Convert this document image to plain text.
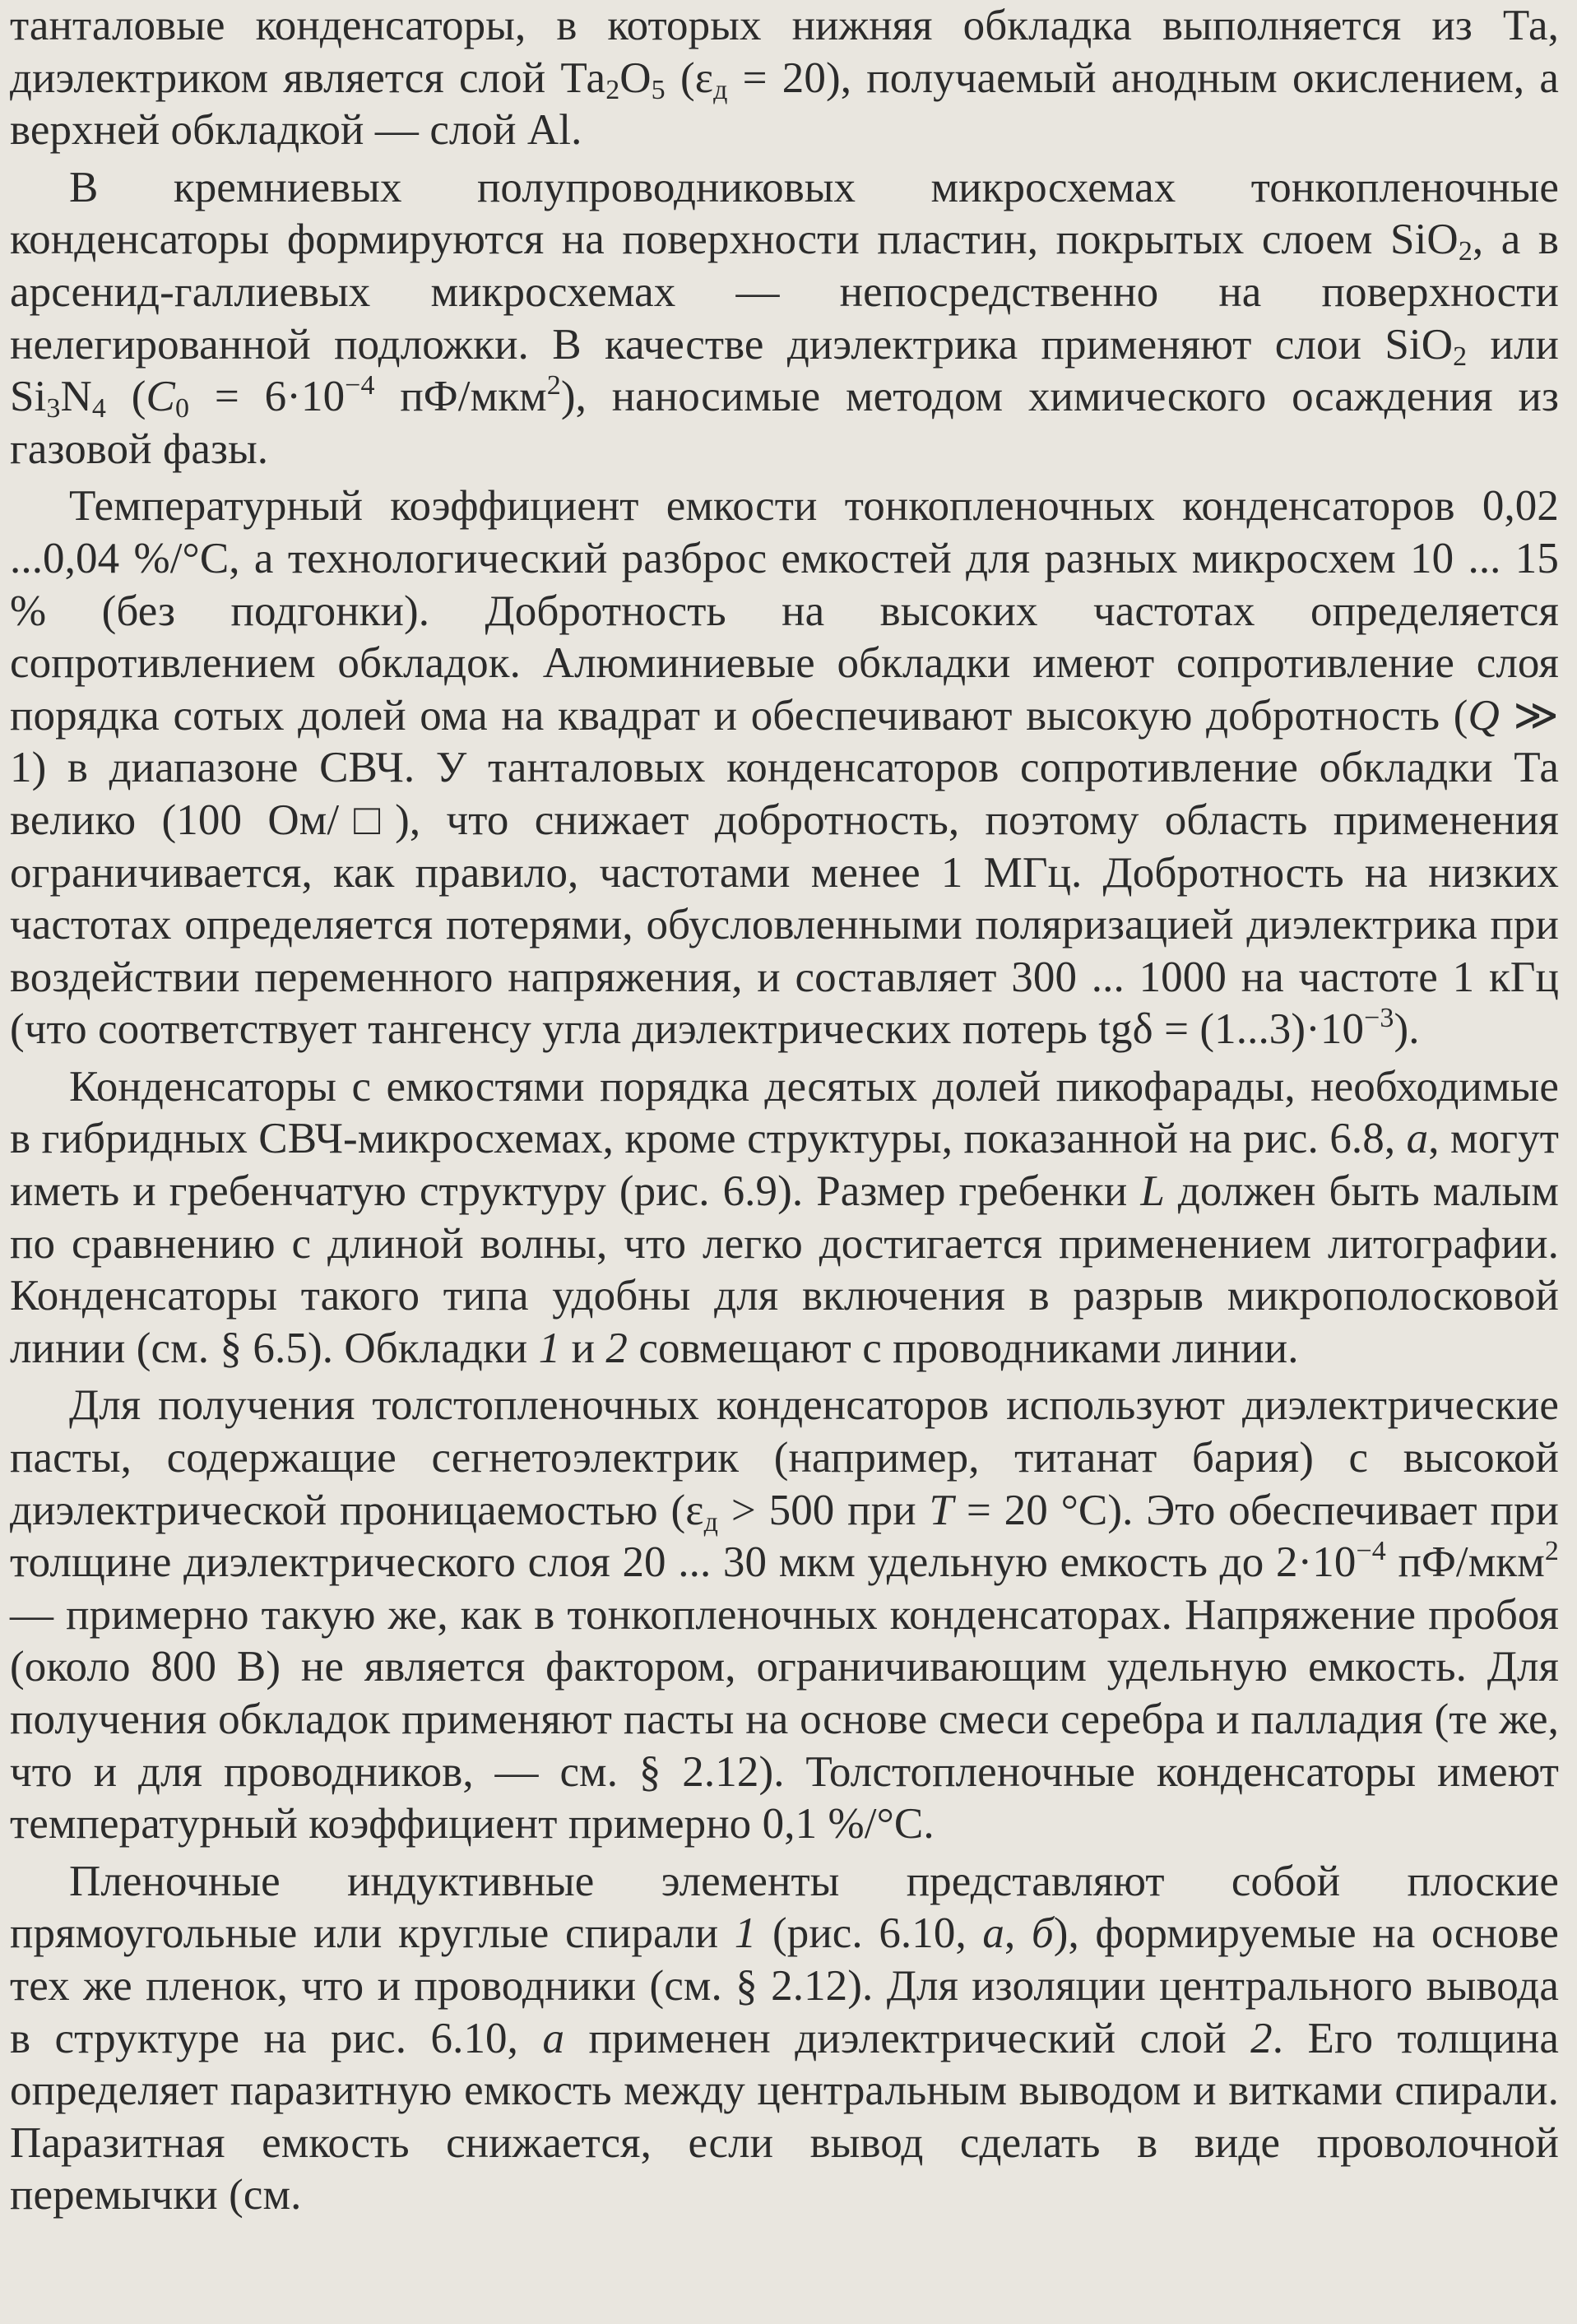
танталовые конденсаторы, в которых нижняя обкладка выполняется из Та, диэлектриком является слой $Та_2O_5$ $(\varepsilon_д = 20)$, получаемый анодным окислением, а верхней обкладкой — слой Al.

В кремниевых полупроводниковых микросхемах тонкопленочные конденсаторы формируются на поверхности пластин, покрытых слоем SiO$_2$, а в арсенид-галлиевых микросхемах — непосредственно на поверхности нелегированной подложки. В качестве диэлектрика применяют слои SiO$_2$ или $Si_3N_4$ ($C_0 = 6\cdot 10^{-4}$ пФ/мкм$^2$), наносимые методом химического осаждения из газовой фазы.

Температурный коэффициент емкости тонкопленочных конденсаторов 0,02 ...0,04 %/°С, а технологический разброс емкостей для разных микросхем 10 ... 15 % (без подгонки). Добротность на высоких частотах определяется сопротивлением обкладок. Алюминиевые обкладки имеют сопротивление слоя порядка сотых долей ома на квадрат и обеспечивают высокую добротность (Q ≫ 1) в диапазоне СВЧ. У танталовых конденсаторов сопротивление обкладки Та велико (100 Ом/□), что снижает добротность, поэтому область применения ограничивается, как правило, частотами менее 1 МГц. Добротность на низких частотах определяется потерями, обусловленными поляризацией диэлектрика при воздействии переменного напряжения, и составляет 300 ... 1000 на частоте 1 кГц (что соответствует тангенсу угла диэлектрических потерь $tg\delta = (1...3)\cdot 10^{-3}$).

Конденсаторы с емкостями порядка десятых долей пикофарады, необходимые в гибридных СВЧ-микросхемах, кроме структуры, показанной на рис. 6.8, а, могут иметь и гребенчатую структуру (рис. 6.9). Размер гребенки L должен быть малым по сравнению с длиной волны, что легко достигается применением литографии. Конденсаторы такого типа удобны для включения в разрыв микрополосковой линии (см. § 6.5). Обкладки 1 и 2 совмещают с проводниками линии.

Для получения толстопленочных конденсаторов используют диэлектрические пасты, содержащие сегнетоэлектрик (например, титанат бария) с высокой диэлектрической проницаемостью ($\varepsilon_д > 500$ при T = 20 °С). Это обеспечивает при толщине диэлектрического слоя 20 ... 30 мкм удельную емкость до $2\cdot 10^{-4}$ пФ/мкм$^2$ — примерно такую же, как в тонкопленочных конденсаторах. Напряжение пробоя (около 800 В) не является фактором, ограничивающим удельную емкость. Для получения обкладок применяют пасты на основе смеси серебра и палладия (те же, что и для проводников, — см. § 2.12). Толстопленочные конденсаторы имеют температурный коэффициент примерно 0,1 %/°С.

Пленочные индуктивные элементы представляют собой плоские прямоугольные или круглые спирали 1 (рис. 6.10, а, б), формируемые на основе тех же пленок, что и проводники (см. § 2.12). Для изоляции центрального вывода в структуре на рис. 6.10, а применен диэлектрический слой 2. Его толщина определяет паразитную емкость между центральным выводом и витками спирали. Паразитная емкость снижается, если вывод сделать в виде проволочной перемычки (см.
